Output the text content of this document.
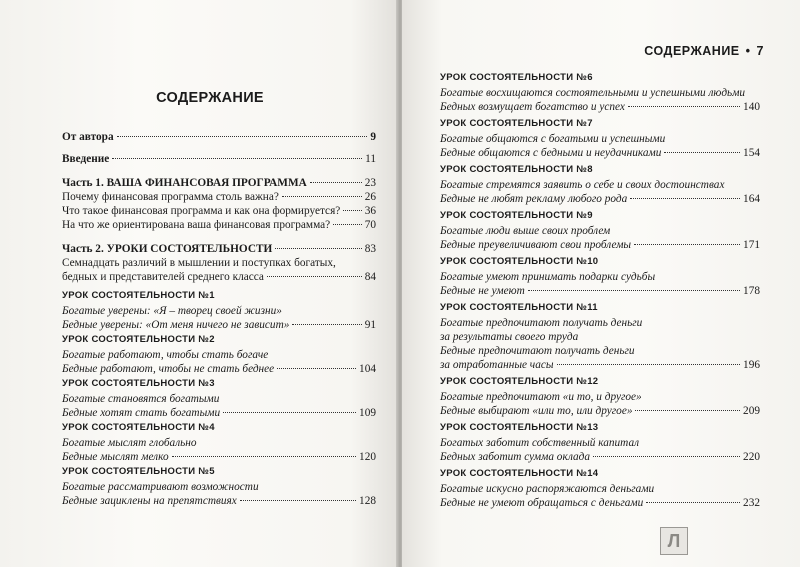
СОДЕРЖАНИЕ
От автора	9
Введение	11
Часть 1. ВАША ФИНАНСОВАЯ ПРОГРАММА	23
Почему финансовая программа столь важна?	26
Что такое финансовая программа и как она формируется? 36
На что же ориентирована ваша финансовая программа?	70
Часть 2. УРОКИ СОСТОЯТЕЛЬНОСТИ	83
Семнадцать различий в мышлении и поступках богатых,
бедных и представителей среднего класса	84
УРОК СОСТОЯТЕЛЬНОСТИ №1
Богатые уверены: «Я – творец своей жизни»
Бедные уверены: «От меня ничего не зависит»	91
УРОК СОСТОЯТЕЛЬНОСТИ №2
Богатые работают, чтобы стать богаче
Бедные работают, чтобы не стать беднее	104
УРОК СОСТОЯТЕЛЬНОСТИ №3
Богатые становятся богатыми
Бедные хотят стать богатыми	109
УРОК СОСТОЯТЕЛЬНОСТИ №4
Богатые мыслят глобально
Бедные мыслят мелко	120
УРОК СОСТОЯТЕЛЬНОСТИ №5
Богатые рассматривают возможности
Бедные зациклены на препятствиях	128
СОДЕРЖАНИЕ • 7
УРОК СОСТОЯТЕЛЬНОСТИ №6
Богатые восхищаются состоятельными и успешными людьми
Бедных возмущает богатство и успех	140
УРОК СОСТОЯТЕЛЬНОСТИ №7
Богатые общаются с богатыми и успешными
Бедные общаются с бедными и неудачниками	154
УРОК СОСТОЯТЕЛЬНОСТИ №8
Богатые стремятся заявить о себе и своих достоинствах
Бедные не любят рекламу любого рода	164
УРОК СОСТОЯТЕЛЬНОСТИ №9
Богатые люди выше своих проблем
Бедные преувеличивают свои проблемы	171
УРОК СОСТОЯТЕЛЬНОСТИ №10
Богатые умеют принимать подарки судьбы
Бедные не умеют	178
УРОК СОСТОЯТЕЛЬНОСТИ №11
Богатые предпочитают получать деньги
за результаты своего труда
Бедные предпочитают получать деньги
за отработанные часы	196
УРОК СОСТОЯТЕЛЬНОСТИ №12
Богатые предпочитают «и то, и другое»
Бедные выбирают «или то, или другое»	209
УРОК СОСТОЯТЕЛЬНОСТИ №13
Богатых заботит собственный капитал
Бедных заботит сумма оклада	220
УРОК СОСТОЯТЕЛЬНОСТИ №14
Богатые искусно распоряжаются деньгами
Бедные не умеют обращаться с деньгами	232
Л
